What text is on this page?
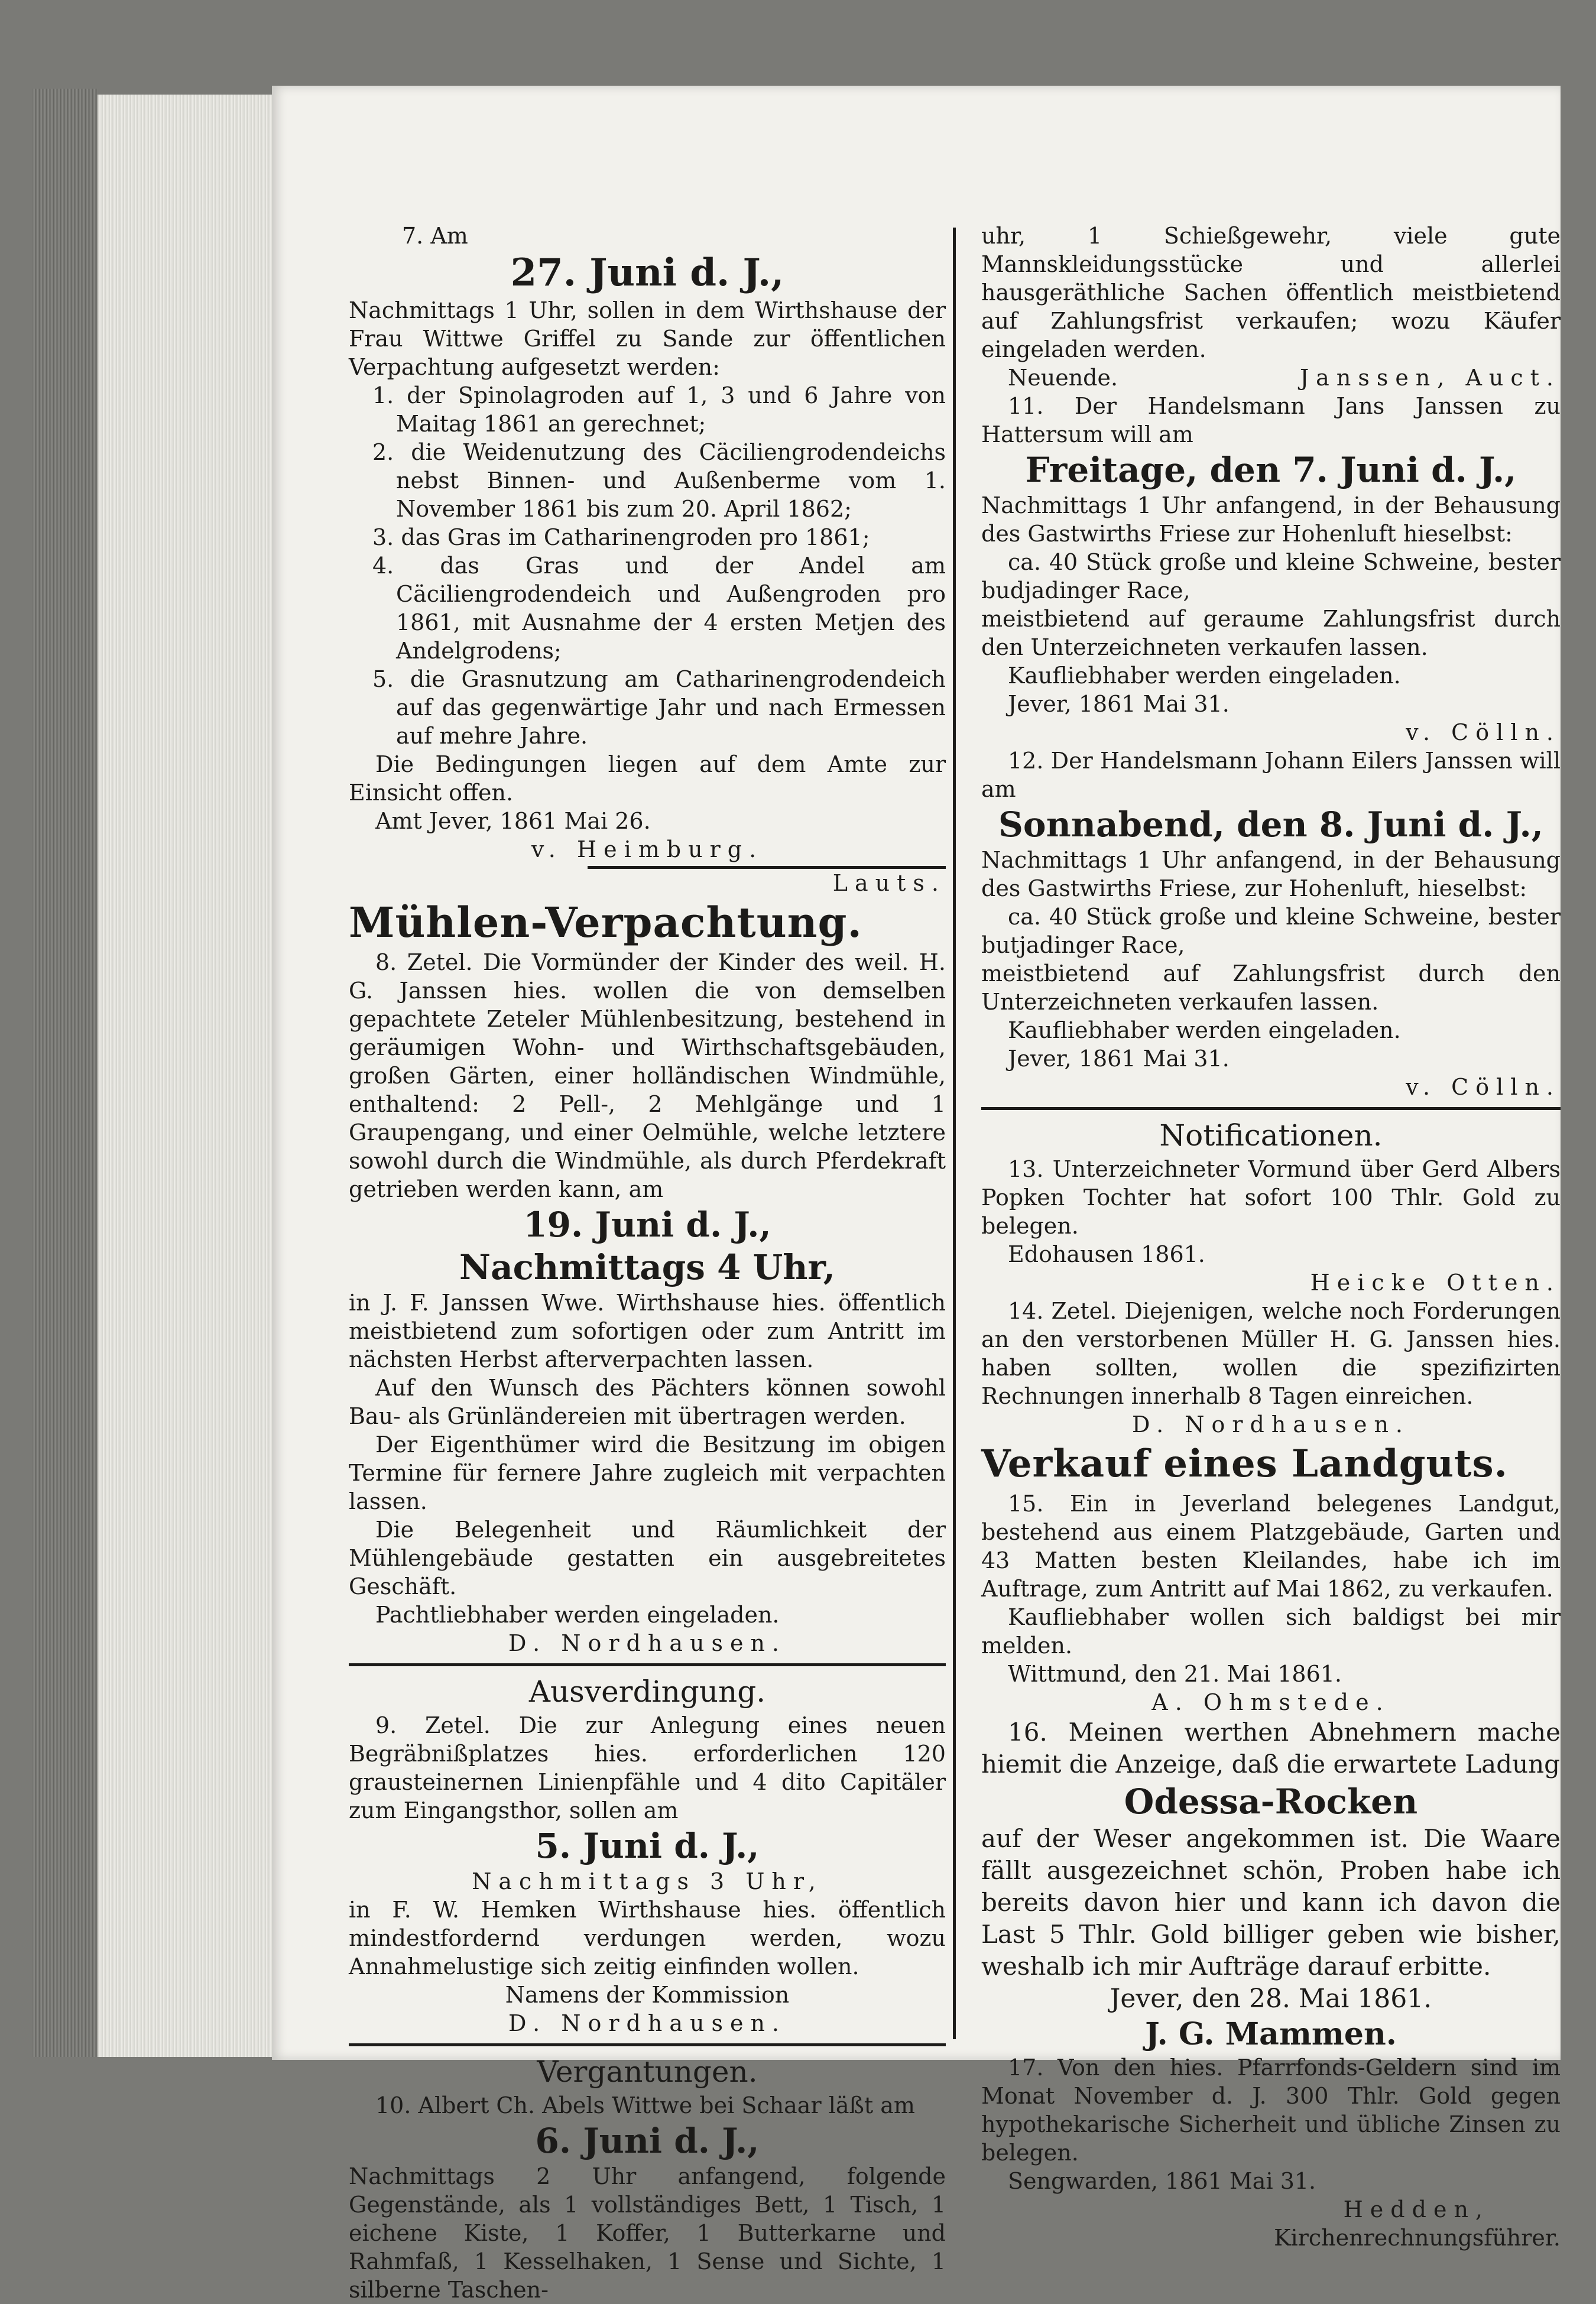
7. Am

27. Juni d. J.,

Nachmittags 1 Uhr, sollen in dem Wirthshause der Frau Wittwe Griffel zu Sande zur öffentlichen Verpachtung aufgesetzt werden:

1. der Spinolagroden auf 1, 3 und 6 Jahre von Maitag 1861 an gerechnet;

2. die Weidenutzung des Cäciliengrodendeichs nebst Binnen- und Außenberme vom 1. November 1861 bis zum 20. April 1862;

3. das Gras im Catharinengroden pro 1861;

4. das Gras und der Andel am Cäciliengrodendeich und Außengroden pro 1861, mit Ausnahme der 4 ersten Metjen des Andelgrodens;

5. die Grasnutzung am Catharinengrodendeich auf das gegenwärtige Jahr und nach Ermessen auf mehre Jahre.

Die Bedingungen liegen auf dem Amte zur Einsicht offen.

Amt Jever, 1861 Mai 26.

v. Heimburg.

Lauts.

Mühlen-Verpachtung.

8. Zetel. Die Vormünder der Kinder des weil. H. G. Janssen hies. wollen die von demselben gepachtete Zeteler Mühlenbesitzung, bestehend in geräumigen Wohn- und Wirthschaftsgebäuden, großen Gärten, einer holländischen Windmühle, enthaltend: 2 Pell-, 2 Mehlgänge und 1 Graupengang, und einer Oelmühle, welche letztere sowohl durch die Windmühle, als durch Pferdekraft getrieben werden kann, am

19. Juni d. J.,

Nachmittags 4 Uhr,

in J. F. Janssen Wwe. Wirthshause hies. öffentlich meistbietend zum sofortigen oder zum Antritt im nächsten Herbst afterverpachten lassen.

Auf den Wunsch des Pächters können sowohl Bau- als Grünländereien mit übertragen werden.

Der Eigenthümer wird die Besitzung im obigen Termine für fernere Jahre zugleich mit verpachten lassen.

Die Belegenheit und Räumlichkeit der Mühlengebäude gestatten ein ausgebreitetes Geschäft.

Pachtliebhaber werden eingeladen.

D. Nordhausen.

Ausverdingung.

9. Zetel. Die zur Anlegung eines neuen Begräbnißplatzes hies. erforderlichen 120 grausteinernen Linienpfähle und 4 dito Capitäler zum Eingangsthor, sollen am

5. Juni d. J.,

Nachmittags 3 Uhr,

in F. W. Hemken Wirthshause hies. öffentlich mindestfordernd verdungen werden, wozu Annahmelustige sich zeitig einfinden wollen.

Namens der Kommission

D. Nordhausen.

Vergantungen.

10. Albert Ch. Abels Wittwe bei Schaar läßt am

6. Juni d. J.,

Nachmittags 2 Uhr anfangend, folgende Gegenstände, als 1 vollständiges Bett, 1 Tisch, 1 eichene Kiste, 1 Koffer, 1 Butterkarne und Rahmfaß, 1 Kesselhaken, 1 Sense und Sichte, 1 silberne Taschen-

uhr, 1 Schießgewehr, viele gute Mannskleidungsstücke und allerlei hausgeräthliche Sachen öffentlich meistbietend auf Zahlungsfrist verkaufen; wozu Käufer eingeladen werden.

Neuende.	Janssen, Auct.

11. Der Handelsmann Jans Janssen zu Hattersum will am

Freitage, den 7. Juni d. J.,

Nachmittags 1 Uhr anfangend, in der Behausung des Gastwirths Friese zur Hohenluft hieselbst:

ca. 40 Stück große und kleine Schweine, bester budjadinger Race,

meistbietend auf geraume Zahlungsfrist durch den Unterzeichneten verkaufen lassen.

Kaufliebhaber werden eingeladen.

Jever, 1861 Mai 31.

v. Cölln.

12. Der Handelsmann Johann Eilers Janssen will am

Sonnabend, den 8. Juni d. J.,

Nachmittags 1 Uhr anfangend, in der Behausung des Gastwirths Friese, zur Hohenluft, hieselbst:

ca. 40 Stück große und kleine Schweine, bester butjadinger Race,

meistbietend auf Zahlungsfrist durch den Unterzeichneten verkaufen lassen.

Kaufliebhaber werden eingeladen.

Jever, 1861 Mai 31.

v. Cölln.

Notificationen.

13. Unterzeichneter Vormund über Gerd Albers Popken Tochter hat sofort 100 Thlr. Gold zu belegen.

Edohausen 1861.

Heicke Otten.

14. Zetel. Diejenigen, welche noch Forderungen an den verstorbenen Müller H. G. Janssen hies. haben sollten, wollen die spezifizirten Rechnungen innerhalb 8 Tagen einreichen.

D. Nordhausen.

Verkauf eines Landguts.

15. Ein in Jeverland belegenes Landgut, bestehend aus einem Platzgebäude, Garten und 43 Matten besten Kleilandes, habe ich im Auftrage, zum Antritt auf Mai 1862, zu verkaufen.

Kaufliebhaber wollen sich baldigst bei mir melden.

Wittmund, den 21. Mai 1861.

A. Ohmstede.

16. Meinen werthen Abnehmern mache hiemit die Anzeige, daß die erwartete Ladung

Odessa-Rocken

auf der Weser angekommen ist. Die Waare fällt ausgezeichnet schön, Proben habe ich bereits davon hier und kann ich davon die Last 5 Thlr. Gold billiger geben wie bisher, weshalb ich mir Aufträge darauf erbitte.

Jever, den 28. Mai 1861.

J. G. Mammen.

17. Von den hies. Pfarrfonds-Geldern sind im Monat November d. J. 300 Thlr. Gold gegen hypothekarische Sicherheit und übliche Zinsen zu belegen.

Sengwarden, 1861 Mai 31.

Hedden,

Kirchenrechnungsführer.
